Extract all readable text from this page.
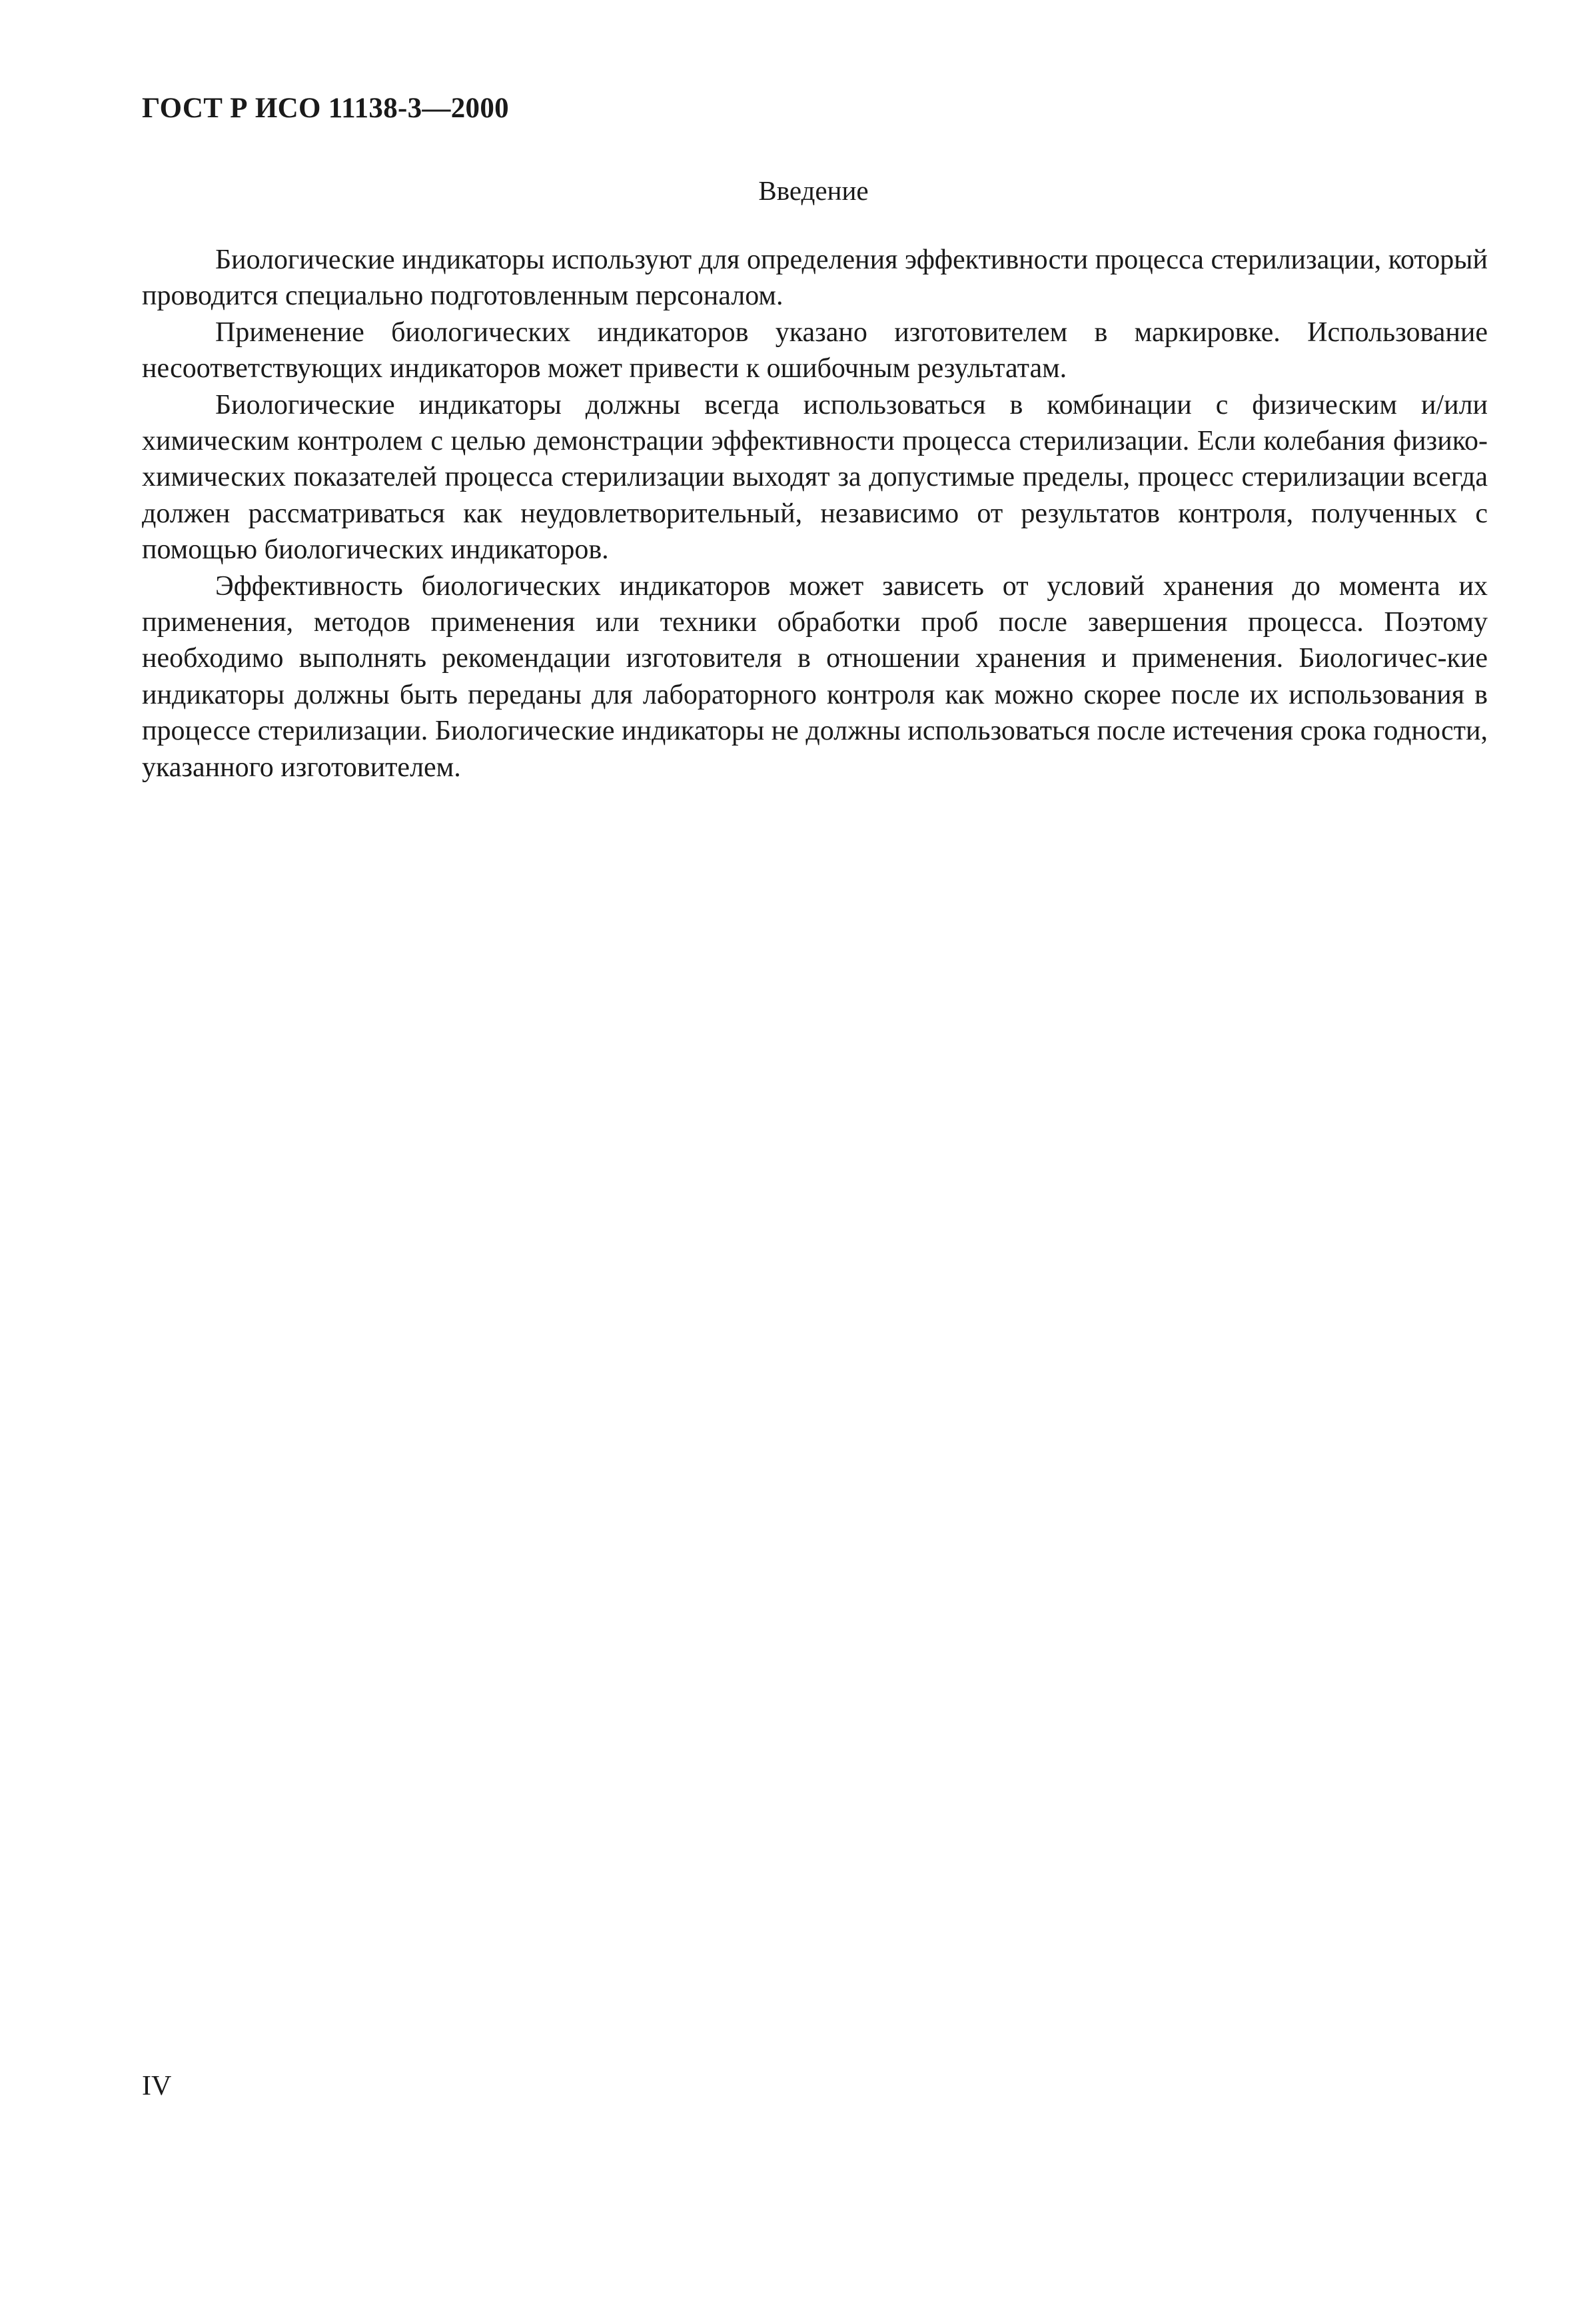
ГОСТ Р ИСО 11138-3—2000
Введение

Биологические индикаторы используют для определения эффективности процесса стерилизации, который проводится специально подготовленным персоналом.

Применение биологических индикаторов указано изготовителем в маркировке. Использование несоответствующих индикаторов может привести к ошибочным результатам.

Биологические индикаторы должны всегда использоваться в комбинации с физическим и/или химическим контролем с целью демонстрации эффективности процесса стерилизации. Если колебания физико-химических показателей процесса стерилизации выходят за допустимые пределы, процесс стерилизации всегда должен рассматриваться как неудовлетворительный, независимо от результатов контроля, полученных с помощью биологических индикаторов.

Эффективность биологических индикаторов может зависеть от условий хранения до момента их применения, методов применения или техники обработки проб после завершения процесса. Поэтому необходимо выполнять рекомендации изготовителя в отношении хранения и применения. Биологичес-кие индикаторы должны быть переданы для лабораторного контроля как можно скорее после их использования в процессе стерилизации. Биологические индикаторы не должны использоваться после истечения срока годности, указанного изготовителем.

IV
